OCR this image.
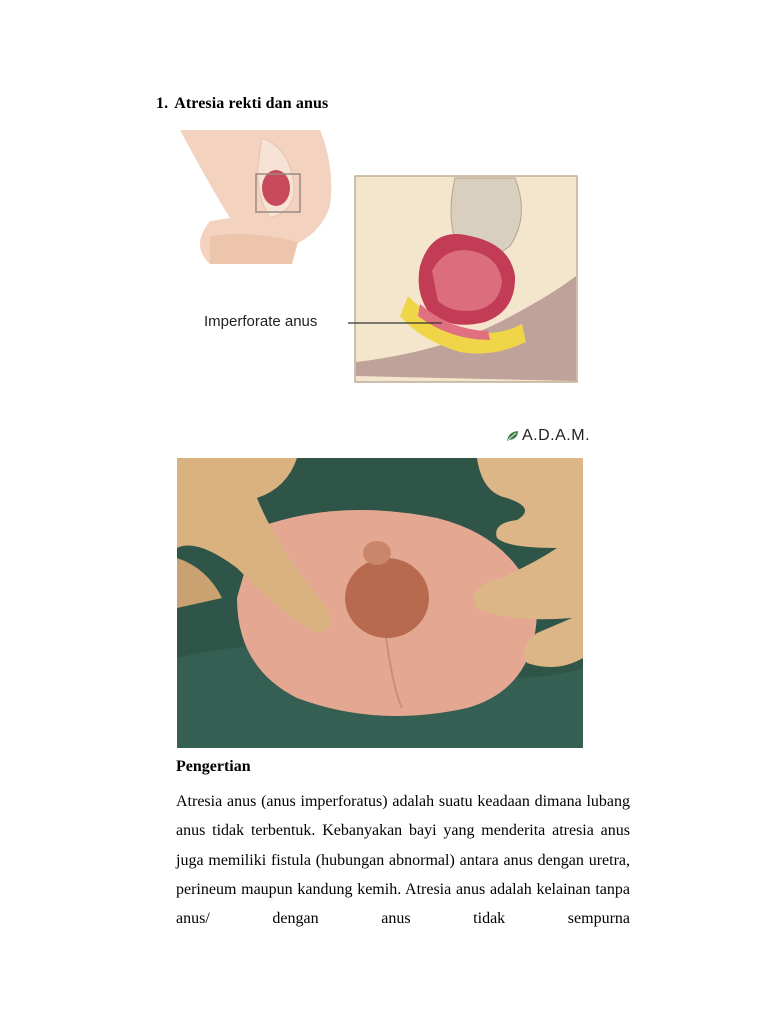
1. Atresia rekti dan anus
Imperforate anus
A.D.A.M.
Pengertian

Atresia anus (anus imperforatus) adalah suatu keadaan dimana lubang anus tidak terbentuk. Kebanyakan bayi yang menderita atresia anus juga memiliki fistula (hubungan abnormal) antara anus dengan uretra, perineum maupun kandung kemih. Atresia anus adalah kelainan tanpa anus/ dengan anus tidak sempurna
